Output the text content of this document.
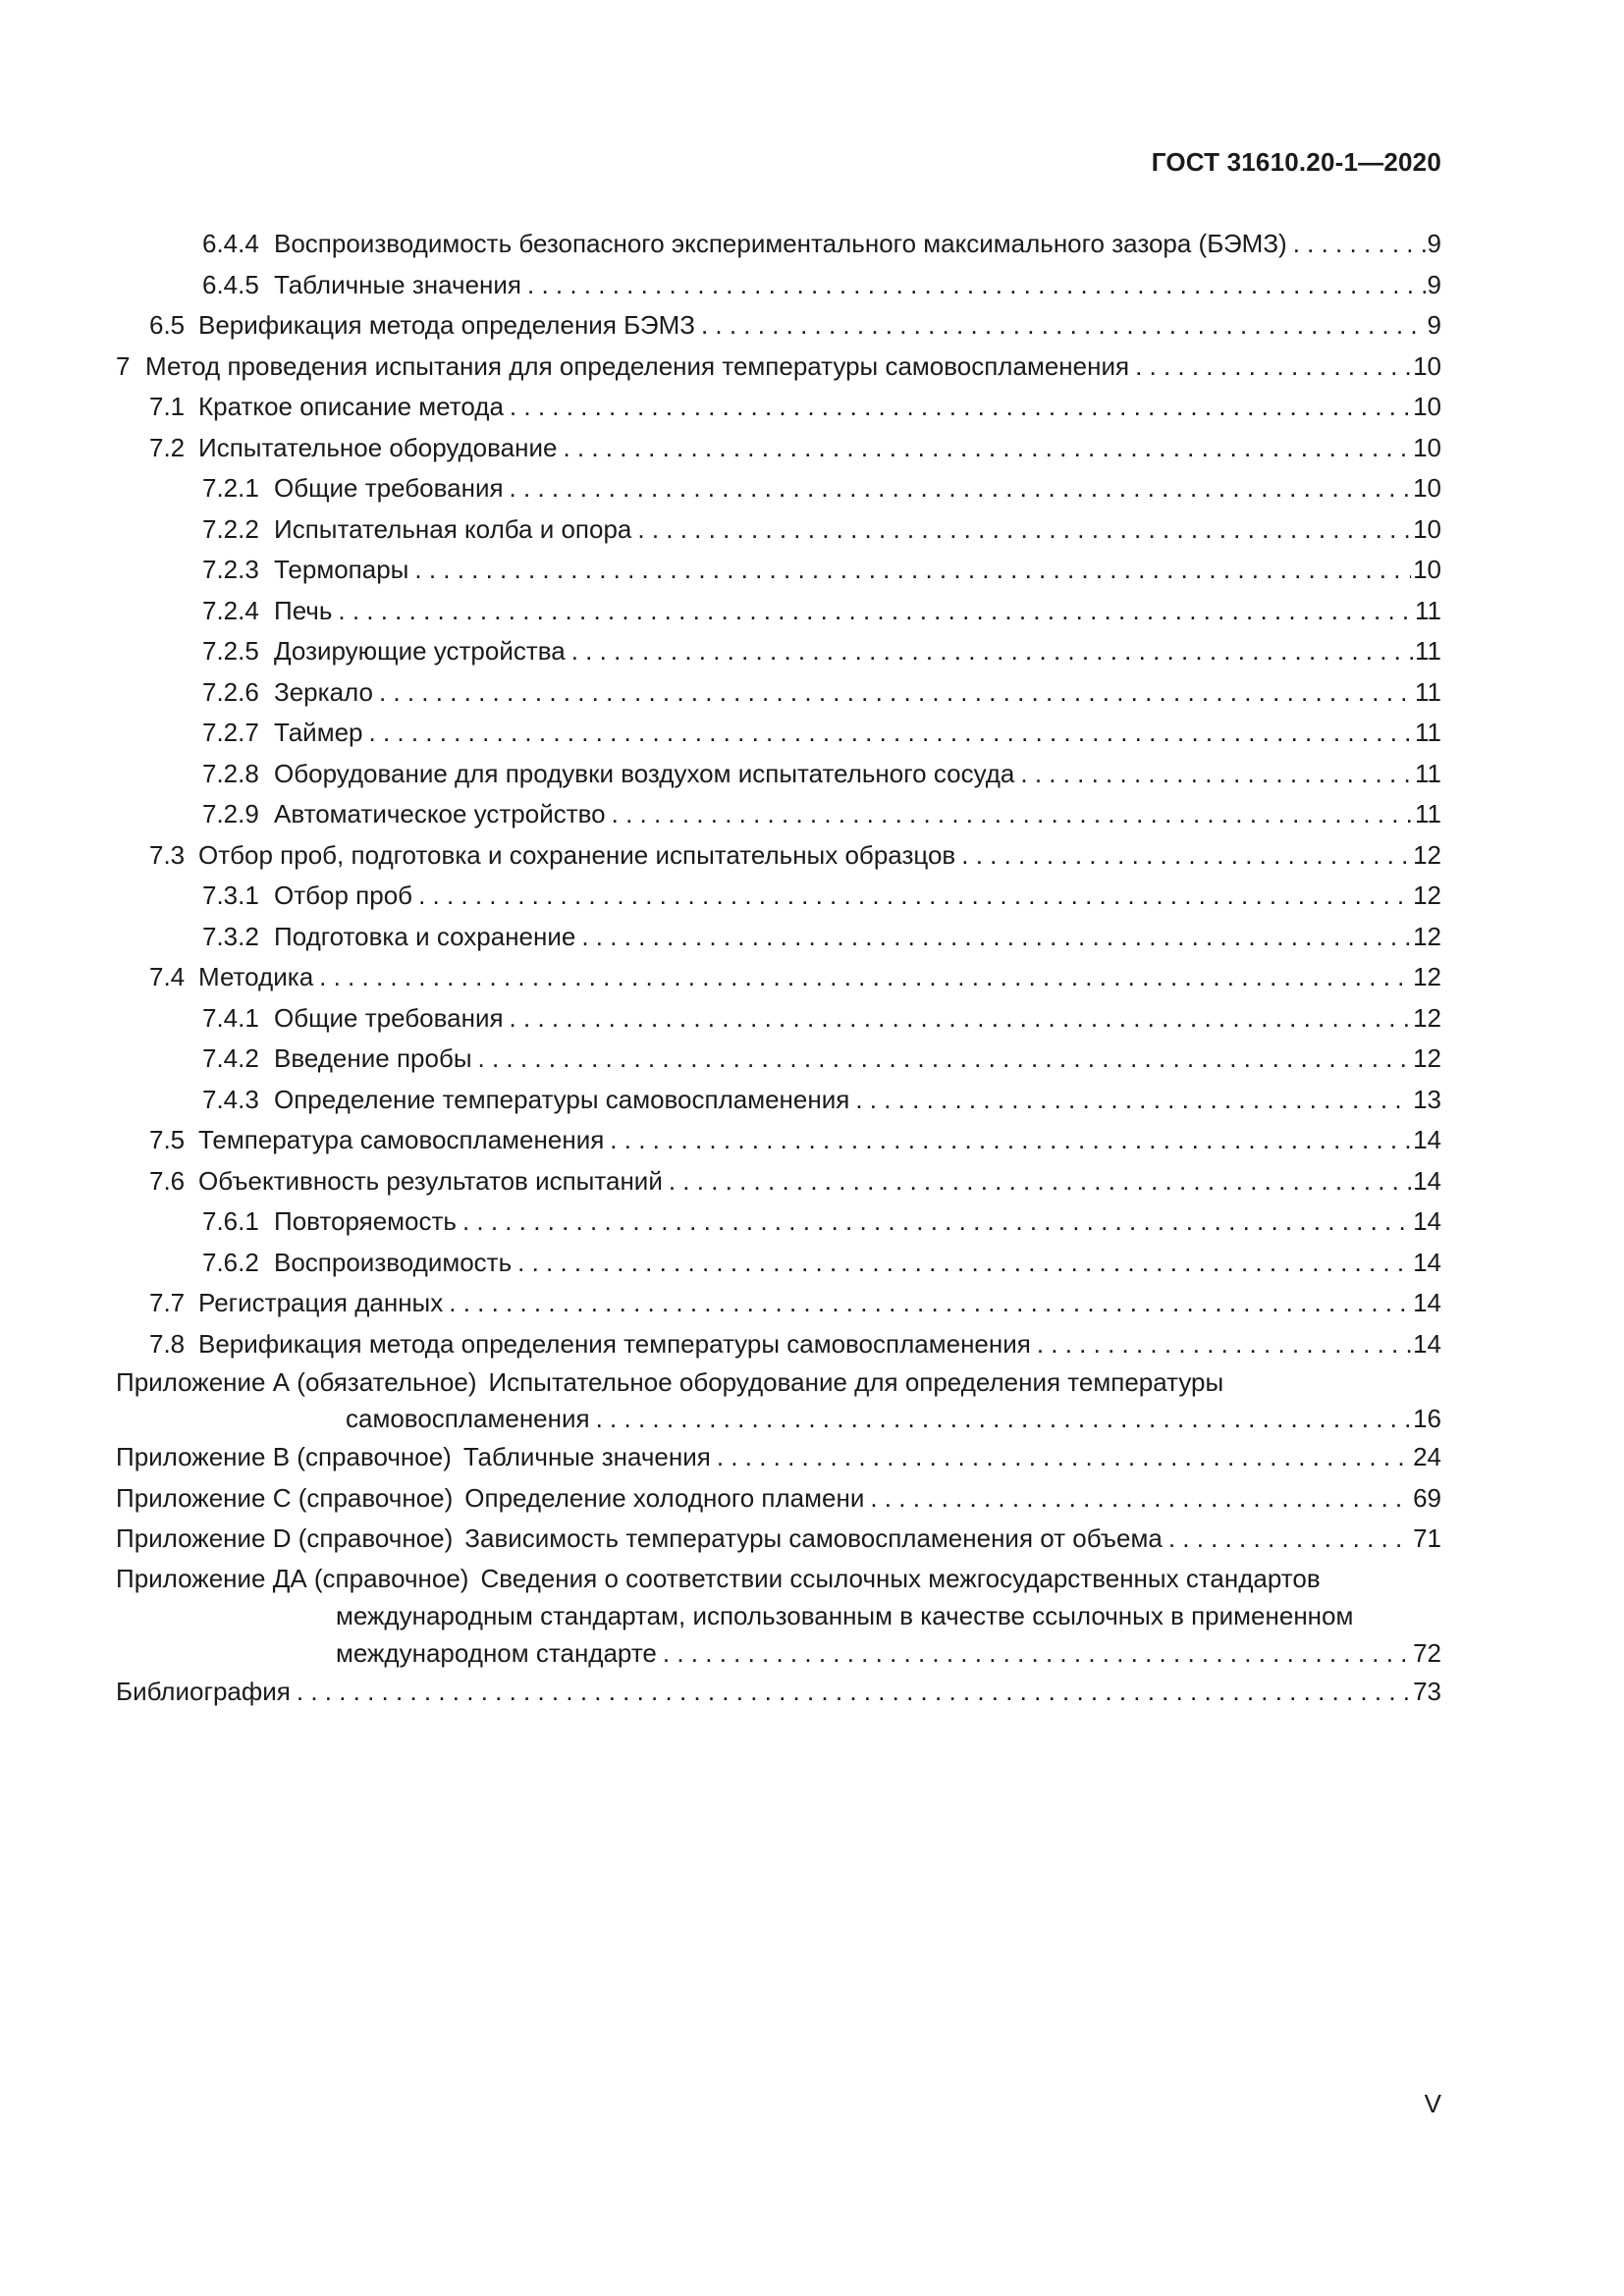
ГОСТ 31610.20-1—2020
6.4.4 Воспроизводимость безопасного экспериментального максимального зазора (БЭМЗ) . . .	9
6.4.5 Табличные значения . . .	9
6.5 Верификация метода определения БЭМЗ . . .	9
7 Метод проведения испытания для определения температуры самовоспламенения . . .	10
7.1 Краткое описание метода . . .	10
7.2 Испытательное оборудование . . .	10
7.2.1 Общие требования . . .	10
7.2.2 Испытательная колба и опора . . .	10
7.2.3 Термопары . . .	10
7.2.4 Печь . . .	11
7.2.5 Дозирующие устройства . . .	11
7.2.6 Зеркало . . .	11
7.2.7 Таймер . . .	11
7.2.8 Оборудование для продувки воздухом испытательного сосуда . . .	11
7.2.9 Автоматическое устройство . . .	11
7.3 Отбор проб, подготовка и сохранение испытательных образцов . . .	12
7.3.1 Отбор проб . . .	12
7.3.2 Подготовка и сохранение . . .	12
7.4 Методика . . .	12
7.4.1 Общие требования . . .	12
7.4.2 Введение пробы . . .	12
7.4.3 Определение температуры самовоспламенения . . .	13
7.5 Температура самовоспламенения . . .	14
7.6 Объективность результатов испытаний . . .	14
7.6.1 Повторяемость . . .	14
7.6.2 Воспроизводимость . . .	14
7.7 Регистрация данных . . .	14
7.8 Верификация метода определения температуры самовоспламенения . . .	14
Приложение А (обязательное) Испытательное оборудование для определения температуры
самовоспламенения . . .	16
Приложение В (справочное) Табличные значения . . .	24
Приложение С (справочное) Определение холодного пламени . . .	69
Приложение D (справочное) Зависимость температуры самовоспламенения от объема . . .	71
Приложение ДА (справочное) Сведения о соответствии ссылочных межгосударственных стандартов
международным стандартам, использованным в качестве ссылочных в примененном
международном стандарте . . .	72
Библиография . . .	73
V
